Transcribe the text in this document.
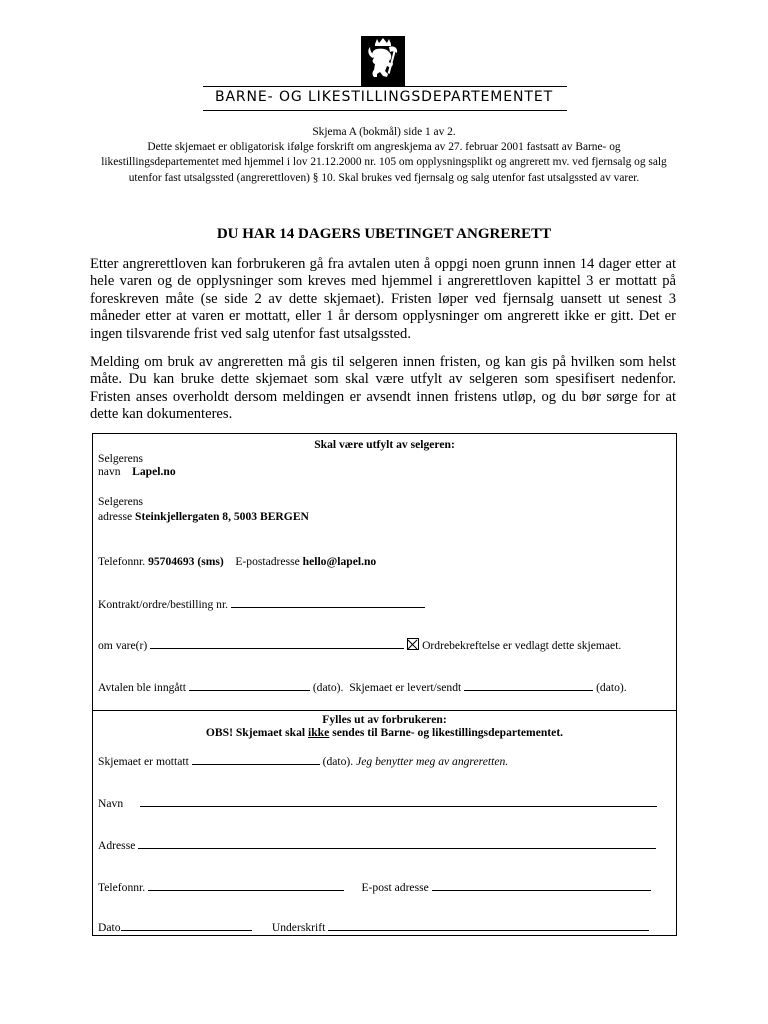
BARNE- OG LIKESTILLINGSDEPARTEMENTET
Skjema A (bokmål) side 1 av 2.
Dette skjemaet er obligatorisk ifølge forskrift om angreskjema av 27. februar 2001 fastsatt av Barne- og likestillingsdepartementet med hjemmel i lov 21.12.2000 nr. 105 om opplysningsplikt og angrerett mv. ved fjernsalg og salg utenfor fast utsalgssted (angrerettloven) § 10. Skal brukes ved fjernsalg og salg utenfor fast utsalgssted av varer.
DU HAR 14 DAGERS UBETINGET ANGRERETT
Etter angrerettloven kan forbrukeren gå fra avtalen uten å oppgi noen grunn innen 14 dager etter at hele varen og de opplysninger som kreves med hjemmel i angrerettloven kapittel 3 er mottatt på foreskreven måte (se side 2 av dette skjemaet). Fristen løper ved fjernsalg uansett ut senest 3 måneder etter at varen er mottatt, eller 1 år dersom opplysninger om angrerett ikke er gitt. Det er ingen tilsvarende frist ved salg utenfor fast utsalgssted.
Melding om bruk av angreretten må gis til selgeren innen fristen, og kan gis på hvilken som helst måte. Du kan bruke dette skjemaet som skal være utfylt av selgeren som spesifisert nedenfor. Fristen anses overholdt dersom meldingen er avsendt innen fristens utløp, og du bør sørge for at dette kan dokumenteres.
Skal være utfylt av selgeren:
Selgerens
navn Lapel.no
Selgerens
adresse Steinkjellergaten 8, 5003 BERGEN
Telefonnr. 95704693 (sms) E-postadresse hello@lapel.no
Kontrakt/ordre/bestilling nr.
om vare(r)	Ordrebekreftelse er vedlagt dette skjemaet.
Avtalen ble inngått	(dato). Skjemaet er levert/sendt	(dato).
Fylles ut av forbrukeren:
OBS! Skjemaet skal ikke sendes til Barne- og likestillingsdepartementet.
Skjemaet er mottatt	(dato). Jeg benytter meg av angreretten.
Navn
Adresse
Telefonnr.	E-post adresse
Dato	Underskrift
